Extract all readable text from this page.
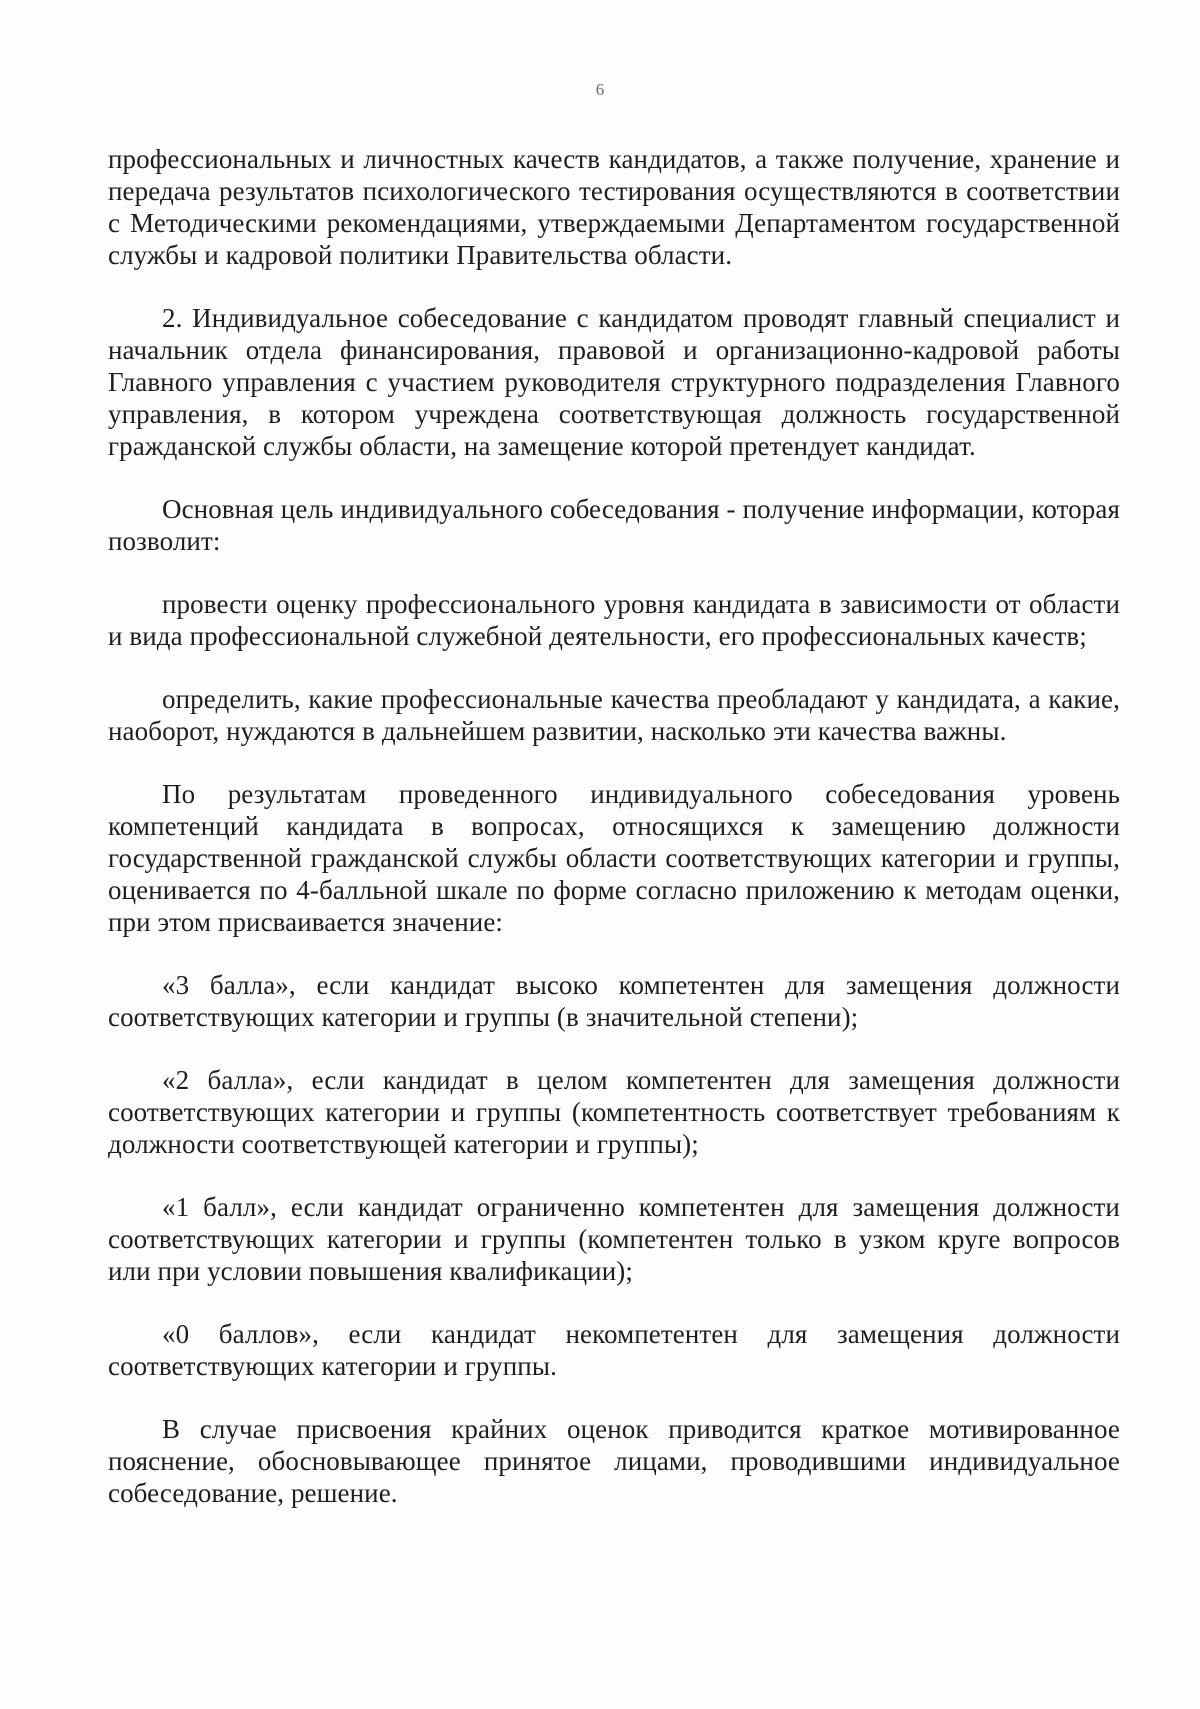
6

профессиональных и личностных качеств кандидатов, а также получение, хранение и передача результатов психологического тестирования осуществляются в соответствии с Методическими рекомендациями, утверждаемыми Департаментом государственной службы и кадровой политики Правительства области.

2. Индивидуальное собеседование с кандидатом проводят главный специалист и начальник отдела финансирования, правовой и организационно-кадровой работы Главного управления с участием руководителя структурного подразделения Главного управления, в котором учреждена соответствующая должность государственной гражданской службы области, на замещение которой претендует кандидат.

Основная цель индивидуального собеседования - получение информации, которая позволит:

провести оценку профессионального уровня кандидата в зависимости от области и вида профессиональной служебной деятельности, его профессиональных качеств;

определить, какие профессиональные качества преобладают у кандидата, а какие, наоборот, нуждаются в дальнейшем развитии, насколько эти качества важны.

По результатам проведенного индивидуального собеседования уровень компетенций кандидата в вопросах, относящихся к замещению должности государственной гражданской службы области соответствующих категории и группы, оценивается по 4-балльной шкале по форме согласно приложению к методам оценки, при этом присваивается значение:

«3 балла», если кандидат высоко компетентен для замещения должности соответствующих категории и группы (в значительной степени);

«2 балла», если кандидат в целом компетентен для замещения должности соответствующих категории и группы (компетентность соответствует требованиям к должности соответствующей категории и группы);

«1 балл», если кандидат ограниченно компетентен для замещения должности соответствующих категории и группы (компетентен только в узком круге вопросов или при условии повышения квалификации);

«0 баллов», если кандидат некомпетентен для замещения должности соответствующих категории и группы.

В случае присвоения крайних оценок приводится краткое мотивированное пояснение, обосновывающее принятое лицами, проводившими индивидуальное собеседование, решение.
